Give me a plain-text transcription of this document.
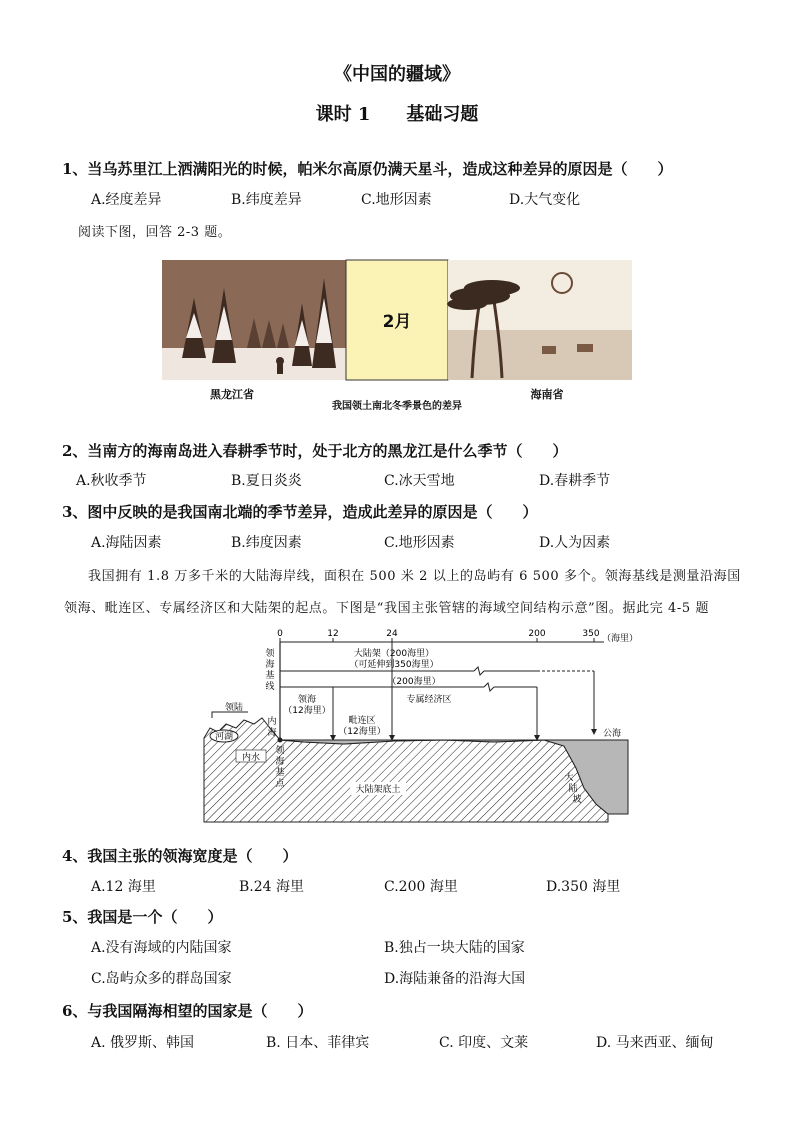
《中国的疆域》
课时 1　　基础习题
1、当乌苏里江上洒满阳光的时候，帕米尔高原仍满天星斗，造成这种差异的原因是（　　）
A.经度差异	B.纬度差异	C.地形因素	D.大气变化
阅读下图，回答 2-3 题。
2月
黑龙江省	海南省
我国领土南北冬季景色的差异
2、当南方的海南岛进入春耕季节时，处于北方的黑龙江是什么季节（　　）
A.秋收季节	B.夏日炎炎	C.冰天雪地	D.春耕季节
3、图中反映的是我国南北端的季节差异，造成此差异的原因是（　　）
A.海陆因素	B.纬度因素	C.地形因素	D.人为因素
我国拥有 1.8 万多千米的大陆海岸线，面积在 500 米 2 以上的岛屿有 6 500 多个。领海基线是测量沿海国
领海、毗连区、专属经济区和大陆架的起点。下图是“我国主张管辖的海域空间结构示意”图。据此完 4-5 题
0	12	24	200	350 （海里）
领
海
基
线
大陆架（200海里）
（可延伸到350海里）
（200海里）
专属经济区
领海
（12海里）
毗连区
（12海里）
领陆
内
海
河湖
内水
领
海
基
点
大陆架底土
公海
大
陆
坡
4、我国主张的领海宽度是（　　）
A.12 海里	B.24 海里	C.200 海里	D.350 海里
5、我国是一个（　　）
A.没有海域的内陆国家	B.独占一块大陆的国家
C.岛屿众多的群岛国家	D.海陆兼备的沿海大国
6、与我国隔海相望的国家是（　　）
A. 俄罗斯、韩国	B. 日本、菲律宾	C. 印度、文莱	D. 马来西亚、缅甸
